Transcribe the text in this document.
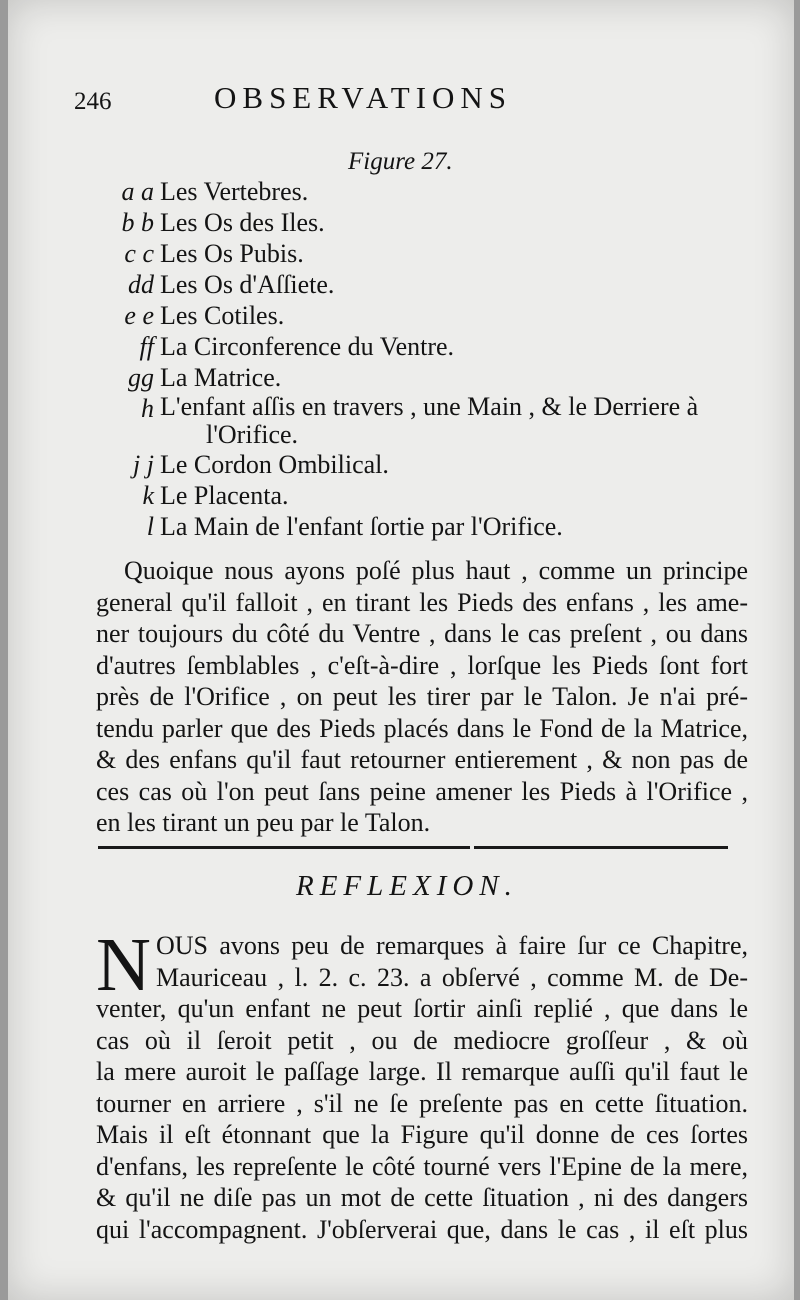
246	OBSERVATIONS
Figure 27.
a a Les Vertebres.
b b Les Os des Iles.
c c Les Os Pubis.
dd Les Os d'Aſſiete.
e e Les Cotiles.
ff La Circonference du Ventre.
gg La Matrice.
h L'enfant aſſis en travers , une Main , & le Derriere à
l'Orifice.
j j Le Cordon Ombilical.
k Le Placenta.
l La Main de l'enfant ſortie par l'Orifice.
Quoique nous ayons poſé plus haut , comme un principe
general qu'il falloit , en tirant les Pieds des enfans , les ame-
ner toujours du côté du Ventre , dans le cas preſent , ou dans
d'autres ſemblables , c'eſt-à-dire , lorſque les Pieds ſont fort
près de l'Orifice , on peut les tirer par le Talon. Je n'ai pré-
tendu parler que des Pieds placés dans le Fond de la Matrice,
& des enfans qu'il faut retourner entierement , & non pas de
ces cas où l'on peut ſans peine amener les Pieds à l'Orifice ,
en les tirant un peu par le Talon.
REFLEXION.
N OUS avons peu de remarques à faire ſur ce Chapitre,
Mauriceau , l. 2. c. 23. a obſervé , comme M. de De-
venter, qu'un enfant ne peut ſortir ainſi replié , que dans le
cas où il ſeroit petit , ou de mediocre groſſeur , & où
la mere auroit le paſſage large. Il remarque auſſi qu'il faut le
tourner en arriere , s'il ne ſe preſente pas en cette ſituation.
Mais il eſt étonnant que la Figure qu'il donne de ces ſortes
d'enfans, les repreſente le côté tourné vers l'Epine de la mere,
& qu'il ne diſe pas un mot de cette ſituation , ni des dangers
qui l'accompagnent. J'obſerverai que, dans le cas , il eſt plus
